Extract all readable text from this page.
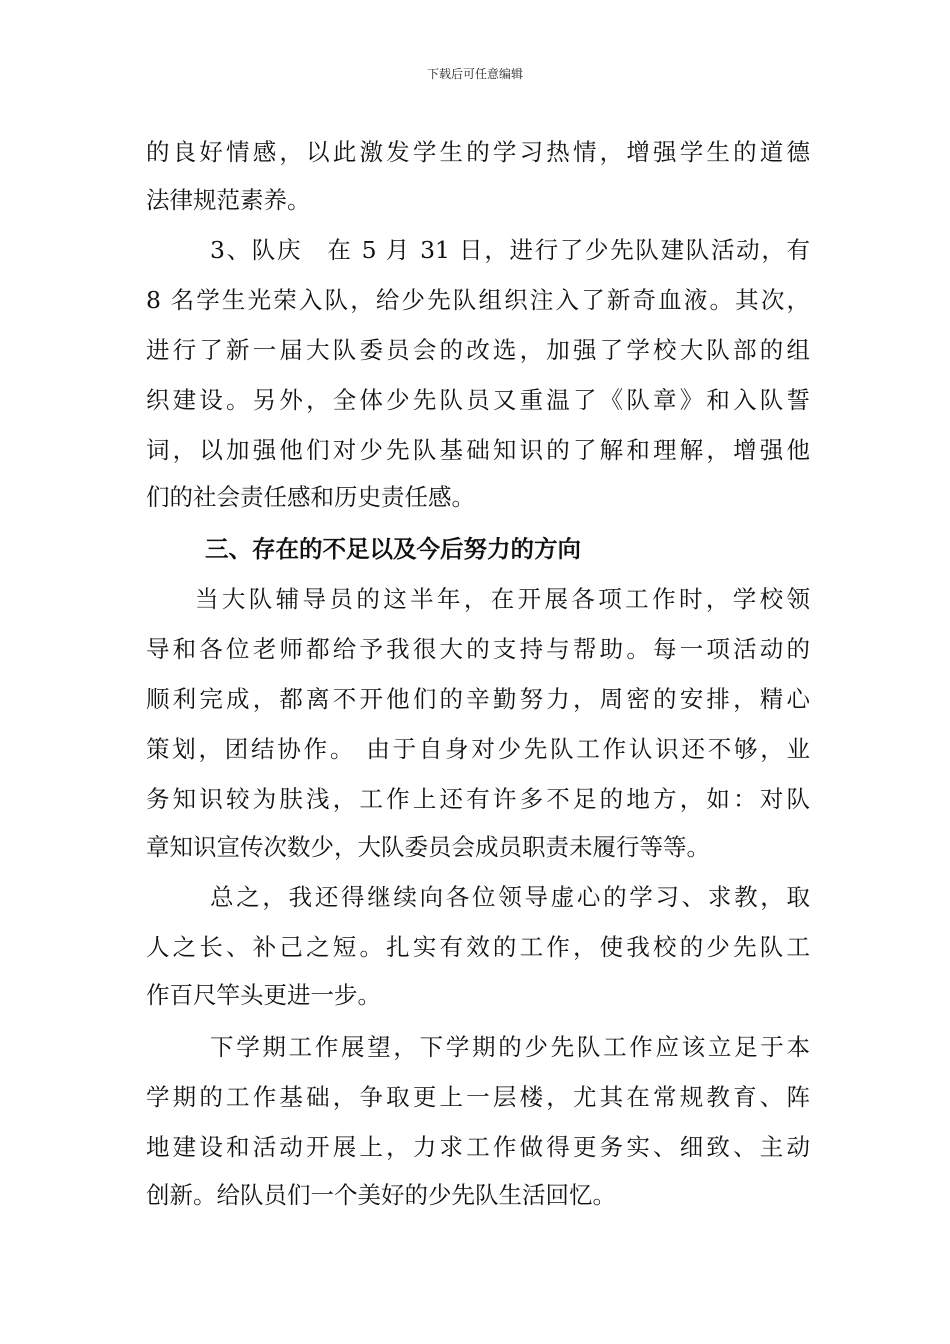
下载后可任意编辑
的良好情感，以此激发学生的学习热情，增强学生的道德
法律规范素养。
3、队庆　在 5 月 31 日，进行了少先队建队活动，有
8 名学生光荣入队，给少先队组织注入了新奇血液。其次，
进行了新一届大队委员会的改选，加强了学校大队部的组
织建设。另外，全体少先队员又重温了《队章》和入队誓
词，以加强他们对少先队基础知识的了解和理解，增强他
们的社会责任感和历史责任感。
三、存在的不足以及今后努力的方向
当大队辅导员的这半年，在开展各项工作时，学校领
导和各位老师都给予我很大的支持与帮助。每一项活动的
顺利完成，都离不开他们的辛勤努力，周密的安排，精心
策划，团结协作。 由于自身对少先队工作认识还不够，业
务知识较为肤浅，工作上还有许多不足的地方，如：对队
章知识宣传次数少，大队委员会成员职责未履行等等。
总之，我还得继续向各位领导虚心的学习、求教，取
人之长、补己之短。扎实有效的工作，使我校的少先队工
作百尺竿头更进一步。
下学期工作展望，下学期的少先队工作应该立足于本
学期的工作基础，争取更上一层楼，尤其在常规教育、阵
地建设和活动开展上，力求工作做得更务实、细致、主动
创新。给队员们一个美好的少先队生活回忆。
